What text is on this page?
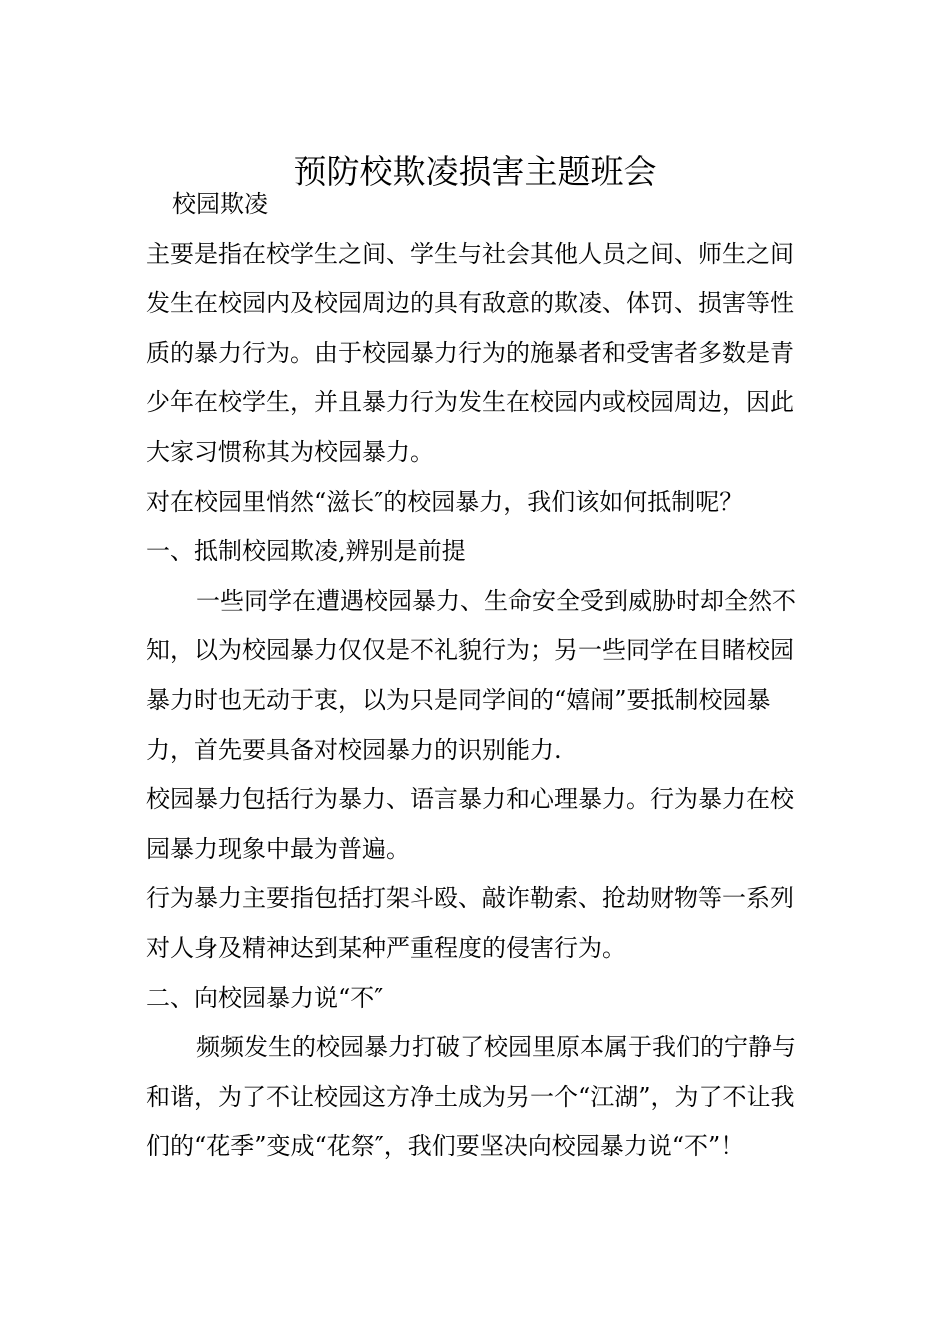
预防校欺凌损害主题班会

校园欺凌

主要是指在校学生之间、学生与社会其他人员之间、师生之间发生在校园内及校园周边的具有敌意的欺凌、体罚、损害等性质的暴力行为。由于校园暴力行为的施暴者和受害者多数是青少年在校学生，并且暴力行为发生在校园内或校园周边，因此大家习惯称其为校园暴力。

对在校园里悄然“滋长″的校园暴力，我们该如何抵制呢？

一、抵制校园欺凌,辨别是前提

一些同学在遭遇校园暴力、生命安全受到威胁时却全然不知，以为校园暴力仅仅是不礼貌行为；另一些同学在目睹校园暴力时也无动于衷，以为只是同学间的“嬉闹”要抵制校园暴力，首先要具备对校园暴力的识别能力.

校园暴力包括行为暴力、语言暴力和心理暴力。行为暴力在校园暴力现象中最为普遍。

行为暴力主要指包括打架斗殴、敲诈勒索、抢劫财物等一系列对人身及精神达到某种严重程度的侵害行为。

二、向校园暴力说“不″

频频发生的校园暴力打破了校园里原本属于我们的宁静与和谐，为了不让校园这方净土成为另一个“江湖”，为了不让我们的“花季”变成“花祭″，我们要坚决向校园暴力说“不”！
